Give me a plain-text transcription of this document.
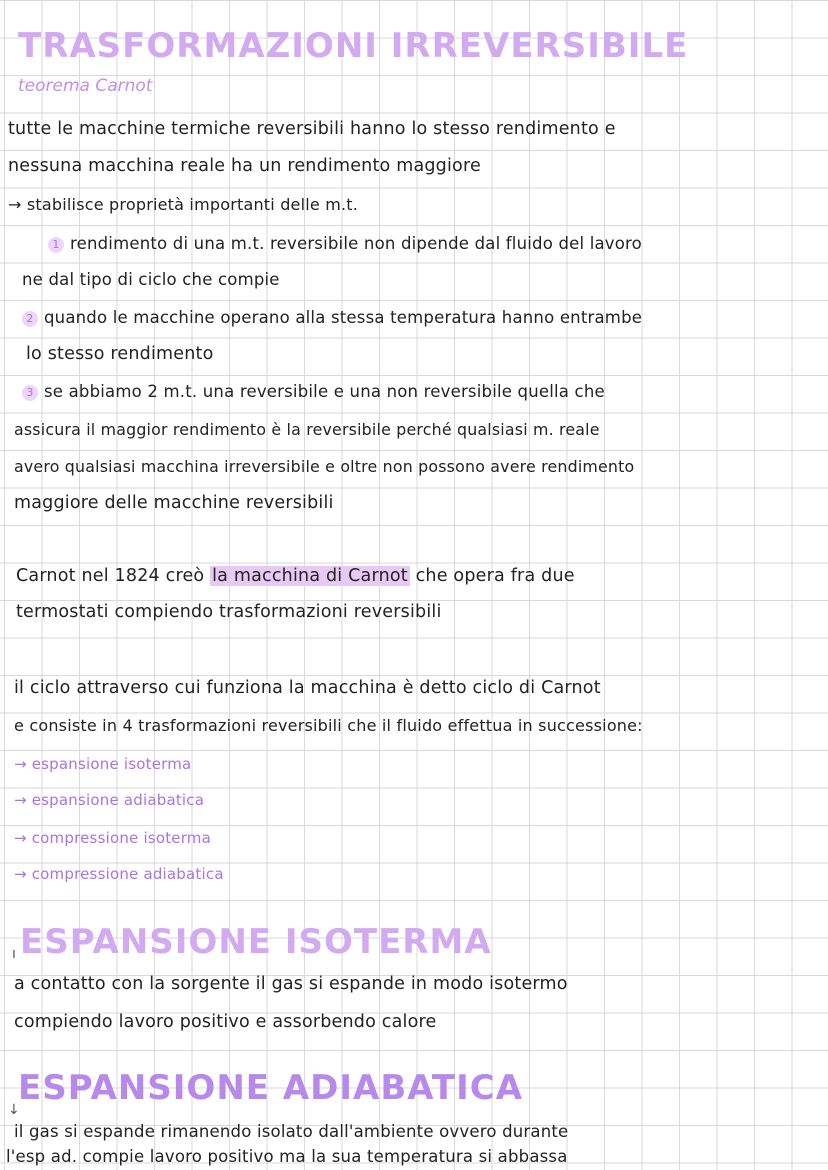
TRASFORMAZIONI IRREVERSIBILE
teorema Carnot
tutte le macchine termiche reversibili hanno lo stesso rendimento e
nessuna macchina reale ha un rendimento maggiore
→ stabilisce proprietà importanti delle m.t.
1 rendimento di una m.t. reversibile non dipende dal fluido del lavoro
ne dal tipo di ciclo che compie
2 quando le macchine operano alla stessa temperatura hanno entrambe
lo stesso rendimento
3 se abbiamo 2 m.t. una reversibile e una non reversibile quella che
assicura il maggior rendimento è la reversibile perché qualsiasi m. reale
avero qualsiasi macchina irreversibile e oltre non possono avere rendimento
maggiore delle macchine reversibili
Carnot nel 1824 creò la macchina di Carnot che opera fra due
termostati compiendo trasformazioni reversibili
il ciclo attraverso cui funziona la macchina è detto ciclo di Carnot
e consiste in 4 trasformazioni reversibili che il fluido effettua in successione:
→ espansione isoterma
→ espansione adiabatica
→ compressione isoterma
→ compressione adiabatica
ı ESPANSIONE ISOTERMA
a contatto con la sorgente il gas si espande in modo isotermo
compiendo lavoro positivo e assorbendo calore
ESPANSIONE ADIABATICA
↓
il gas si espande rimanendo isolato dall'ambiente ovvero durante
l'esp ad. compie lavoro positivo ma la sua temperatura si abbassa
